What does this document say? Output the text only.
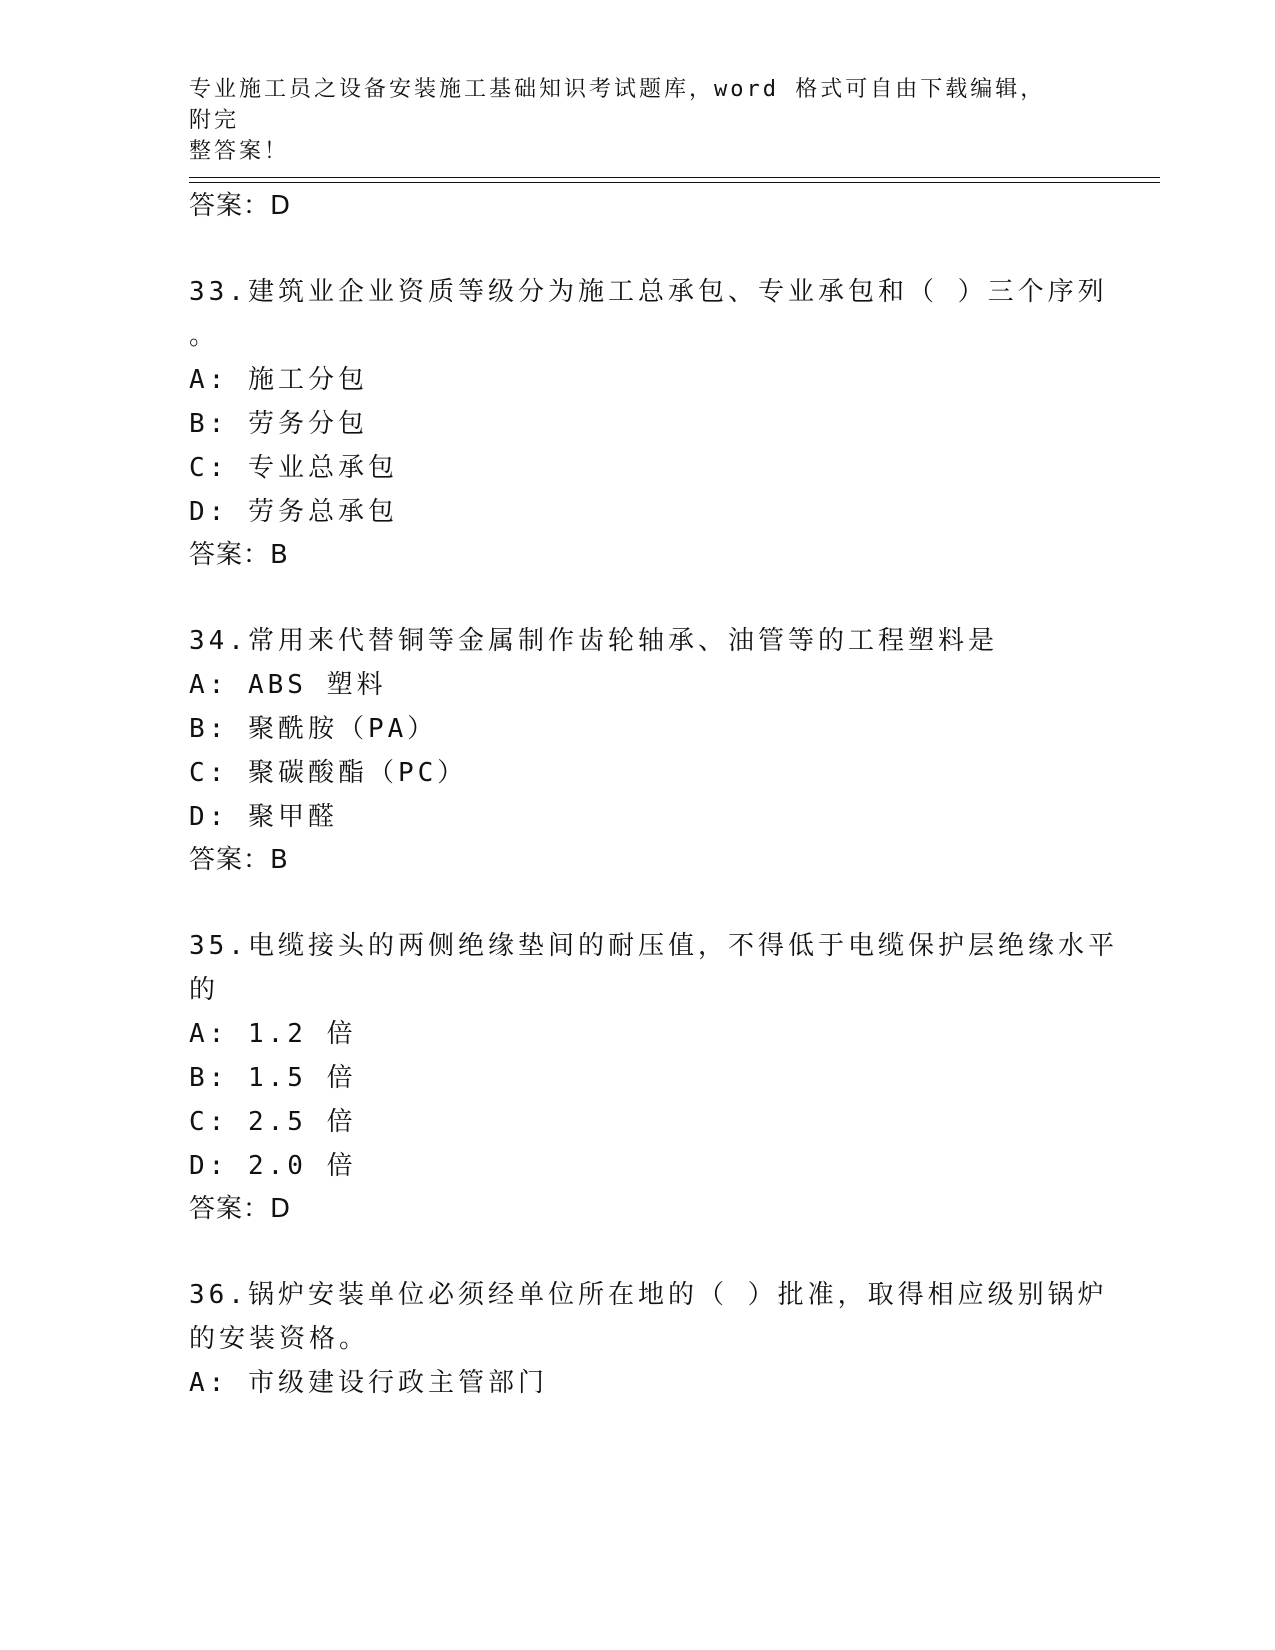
专业施工员之设备安装施工基础知识考试题库，word 格式可自由下载编辑，附完
整答案！
答案：D
33.建筑业企业资质等级分为施工总承包、专业承包和（ ）三个序列
。
A: 施工分包
B: 劳务分包
C: 专业总承包
D: 劳务总承包
答案：B
34.常用来代替铜等金属制作齿轮轴承、油管等的工程塑料是
A: ABS 塑料
B: 聚酰胺（PA）
C: 聚碳酸酯（PC）
D: 聚甲醛
答案：B
35.电缆接头的两侧绝缘垫间的耐压值，不得低于电缆保护层绝缘水平
的
A: 1.2 倍
B: 1.5 倍
C: 2.5 倍
D: 2.0 倍
答案：D
36.锅炉安装单位必须经单位所在地的（ ）批准，取得相应级别锅炉
的安装资格。
A: 市级建设行政主管部门
